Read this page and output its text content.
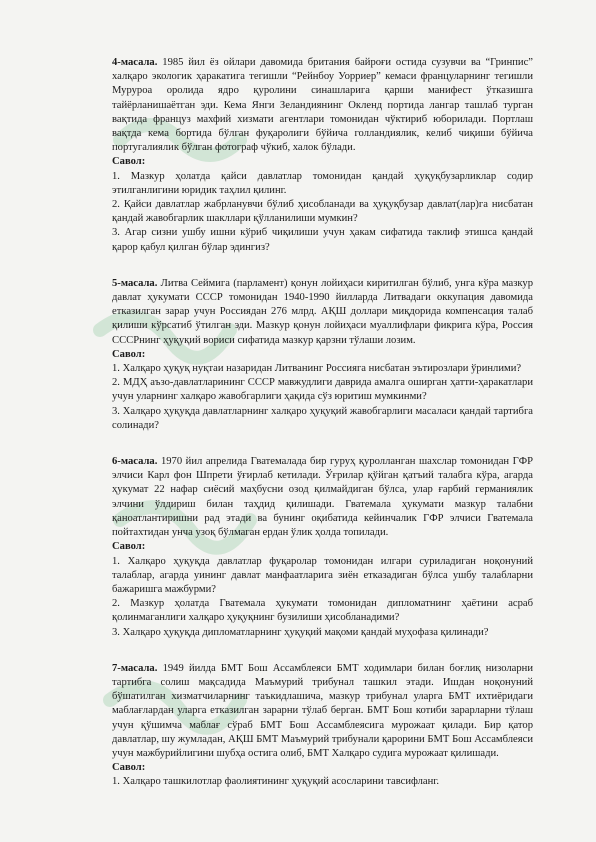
4-масала. 1985 йил ёз ойлари давомида британия байроғи остида сузувчи ва “Гринпис” халқаро экологик ҳаракатига тегишли “Рейнбоу Уорриер” кемаси француларнинг тегишли Муруроа оролида ядро қуролини синашларига қарши манифест ўтказишга тайёрланишаётган эди. Кема Янги Зеландиянинг Окленд портида лангар ташлаб турган вақтида француз махфий хизмати агентлари томонидан чўктириб юборилади. Портлаш вақтда кема бортида бўлган фуқаролиги бўйича голландиялик, келиб чиқиши бўйича португалиялик бўлган фотограф чўкиб, халок бўлади.

Савол:

1. Мазкур ҳолатда қайси давлатлар томонидан қандай ҳуқуқбузарликлар содир этилганлигини юридик таҳлил қилинг.

2. Қайси давлатлар жабрланувчи бўлиб ҳисобланади ва ҳуқуқбузар давлат(лар)га нисбатан қандай жавобгарлик шакллари қўлланилиши мумкин?

3. Агар сизни ушбу ишни кўриб чиқилиши учун ҳакам сифатида таклиф этишса қандай қарор қабул қилган бўлар эдингиз?

5-масала. Литва Сеймига (парламент) қонун лойиҳаси киритилган бўлиб, унга кўра мазкур давлат ҳукумати СССР томонидан 1940-1990 йилларда Литвадаги оккупация давомида етказилган зарар учун Россиядан 276 млрд. АҚШ доллари миқдорида компенсация талаб қилиши кўрсатиб ўтилган эди. Мазкур қонун лойиҳаси муаллифлари фикрига кўра, Россия СССРнинг ҳуқуқий вориси сифатида мазкур қарзни тўлаши лозим.

Савол:

1. Халқаро ҳуқуқ нуқтаи назаридан Литванинг Россияга нисбатан эътирозлари ўринлими?

2. МДҲ аъзо-давлатларининг СССР мавжудлиги даврида амалга оширган ҳатти-ҳаракатлари учун уларнинг халқаро жавобгарлиги ҳақида сўз юритиш мумкинми?

3. Халқаро ҳуқуқда давлатларнинг халқаро ҳуқуқий жавобгарлиги масаласи қандай тартибга солинади?

6-масала. 1970 йил апрелида Гватемалада бир гуруҳ қуролланган шахслар томонидан ГФР элчиси Карл фон Шпрети ўғирлаб кетилади. Ўғрилар қўйган қатъий талабга кўра, агарда ҳукумат 22 нафар сиёсий маҳбусни озод қилмайдиган бўлса, улар ғарбий германиялик элчини ўлдириш билан таҳдид қилишади. Гватемала ҳукумати мазкур талабни қаноатлантиришни рад этади ва бунинг оқибатида кейинчалик ГФР элчиси Гватемала пойтахтидан унча узоқ бўлмаган ердан ўлик ҳолда топилади.

Савол:

1. Халқаро ҳуқуқда давлатлар фуқаролар томонидан илгари суриладиган ноқонуний талаблар, агарда уининг давлат манфаатларига зиён етказадиган бўлса ушбу талабларни бажаришга мажбурми?

2. Мазкур ҳолатда Гватемала ҳукумати томонидан дипломатнинг ҳаётини асраб қолинмаганлиги халқаро ҳуқуқнинг бузилиши ҳисобланадими?

3. Халқаро ҳуқуқда дипломатларнинг ҳуқуқий мақоми қандай муҳофаза қилинади?

7-масала. 1949 йилда БМТ Бош Ассамблеяси БМТ ходимлари билан боғлиқ низоларни тартибга солиш мақсадида Маъмурий трибунал ташкил этади. Ишдан ноқонуний бўшатилган хизматчиларнинг таъкидлашича, мазкур трибунал уларга БМТ ихтиёридаги маблағлардан уларга етказилган зарарни тўлаб берган. БМТ Бош котиби зарарларни тўлаш учун қўшимча маблағ сўраб БМТ Бош Ассамблеясига мурожаат қилади. Бир қатор давлатлар, шу жумладан, АҚШ БМТ Маъмурий трибунали қарорини БМТ Бош Ассамблеяси учун мажбурийлигини шубҳа остига олиб, БМТ Халқаро судига мурожаат қилишади.

Савол:

1. Халқаро ташкилотлар фаолиятининг ҳуқуқий асосларини тавсифланг.
